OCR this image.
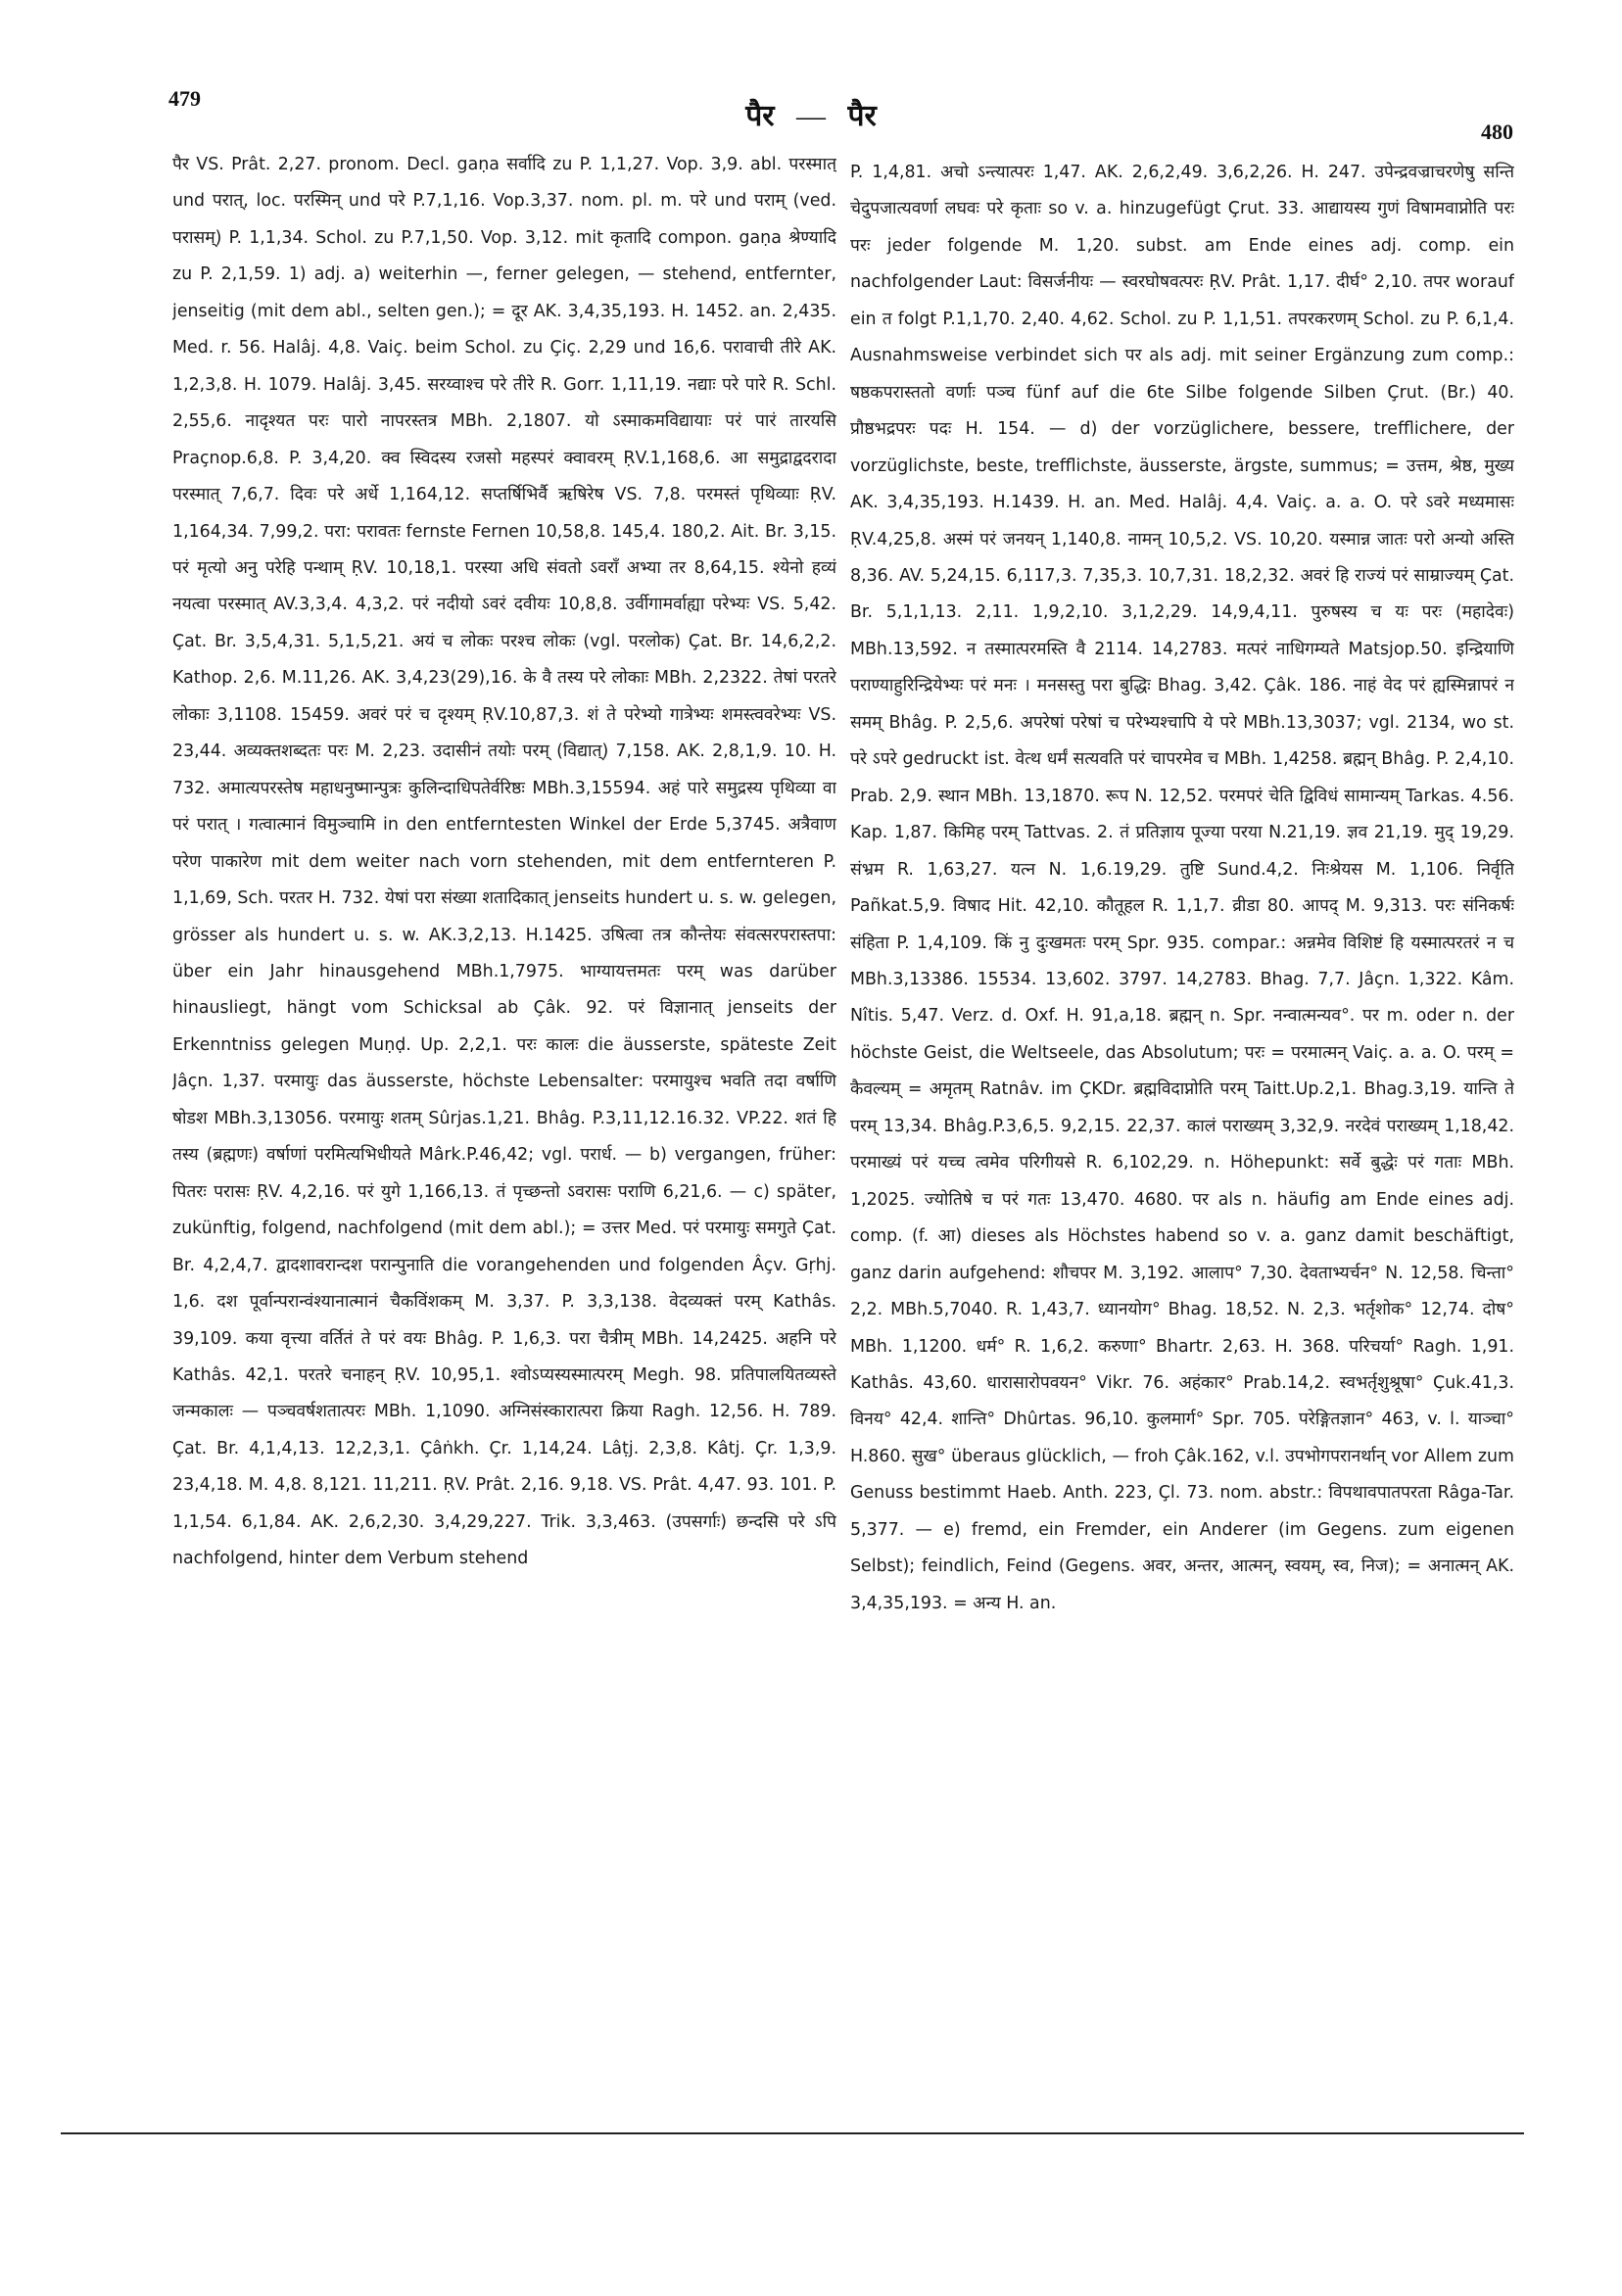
479
पैर — पैर	480

पैर VS. Prât. 2,27. pronom. Decl. gaṇa सर्वादि zu P. 1,1,27. Vop. 3,9. abl. परस्मात् und परात्, loc. परस्मिन् und परे P.7,1,16. Vop.3,37. nom. pl. m. परे und पराम् (ved. परासम्) P. 1,1,34. Schol. zu P.7,1,50. Vop. 3,12. mit कृतादि compon. gaṇa श्रेण्यादि zu P. 2,1,59. 1) adj. a) weiterhin —, ferner gelegen, — stehend, entfernter, jenseitig (mit dem abl., selten gen.); = दूर AK. 3,4,35,193. H. 1452. an. 2,435. Med. r. 56. Halâj. 4,8. Vaiç. beim Schol. zu Çiç. 2,29 und 16,6. परावाची तीरे AK. 1,2,3,8. H. 1079. Halâj. 3,45. सरय्वाश्च परे तीरे R. Gorr. 1,11,19. नद्याः परे पारे R. Schl. 2,55,6. नादृश्यत परः पारो नापरस्तत्र MBh. 2,1807. यो ऽस्माकमविद्यायाः परं पारं तारयसि Praçnop.6,8. P. 3,4,20. क्व स्विदस्य रजसो महस्परं क्वावरम् ṚV.1,168,6. आ समुद्राद्वदरादा परस्मात् 7,6,7. दिवः परे अर्धे 1,164,12. सप्तर्षिभिर्वै ऋषिरेष VS. 7,8. परमस्तं पृथिव्याः ṚV. 1,164,34. 7,99,2. परा: परावतः fernste Fernen 10,58,8. 145,4. 180,2. Ait. Br. 3,15. परं मृत्यो अनु परेहि पन्थाम् ṚV. 10,18,1. परस्या अधि संवतो ऽवराँ अभ्या तर 8,64,15. श्येनो हव्यं नयत्वा परस्मात् AV.3,3,4. 4,3,2. परं नदीयो ऽवरं दवीयः 10,8,8. उर्वीगामर्वाह्या परेभ्यः VS. 5,42. Çat. Br. 3,5,4,31. 5,1,5,21. अयं च लोकः परश्च लोकः (vgl. परलोक) Çat. Br. 14,6,2,2. Kathop. 2,6. M.11,26. AK. 3,4,23(29),16. के वै तस्य परे लोकाः MBh. 2,2322. तेषां परतरे लोकाः 3,1108. 15459. अवरं परं च दृश्यम् ṚV.10,87,3. शं ते परेभ्यो गात्रेभ्यः शमस्त्ववरेभ्यः VS. 23,44. अव्यक्तशब्दतः परः M. 2,23. उदासीनं तयोः परम् (विद्यात्) 7,158. AK. 2,8,1,9. 10. H. 732. अमात्यपरस्तेष महाधनुष्मान्पुत्रः कुलिन्दाधिपतेर्वरिष्ठः MBh.3,15594. अहं पारे समुद्रस्य पृथिव्या वा परं परात् । गत्वात्मानं विमुञ्चामि in den entferntesten Winkel der Erde 5,3745. अत्रैवाण परेण पाकारेण mit dem weiter nach vorn stehenden, mit dem entfernteren P. 1,1,69, Sch. परतर H. 732. येषां परा संख्या शतादिकात् jenseits hundert u. s. w. gelegen, grösser als hundert u. s. w. AK.3,2,13. H.1425. उषित्वा तत्र कौन्तेयः संवत्सरपरास्तपा: über ein Jahr hinausgehend MBh.1,7975. भाग्यायत्तमतः परम् was darüber hinausliegt, hängt vom Schicksal ab Çâk. 92. परं विज्ञानात् jenseits der Erkenntniss gelegen Muṇḍ. Up. 2,2,1. परः कालः die äusserste, späteste Zeit Jâçn. 1,37. परमायुः das äusserste, höchste Lebensalter: परमायुश्च भवति तदा वर्षाणि षोडश MBh.3,13056. परमायुः शतम् Sûrjas.1,21. Bhâg. P.3,11,12.16.32. VP.22. शतं हि तस्य (ब्रह्मणः) वर्षाणां परमित्यभिधीयते Mârk.P.46,42; vgl. परार्ध. — b) vergangen, früher: पितरः परासः ṚV. 4,2,16. परं युगे 1,166,13. तं पृच्छन्तो ऽवरासः पराणि 6,21,6. — c) später, zukünftig, folgend, nachfolgend (mit dem abl.); = उत्तर Med. परं परमायुः समगुते Çat. Br. 4,2,4,7. द्वादशावरान्दश परान्पुनाति die vorangehenden und folgenden Âçv. Gṛhj. 1,6. दश पूर्वान्परान्वंश्यानात्मानं चैकविंशकम् M. 3,37. P. 3,3,138. वेदव्यक्तं परम् Kathâs. 39,109. कया वृत्त्या वर्तितं ते परं वयः Bhâg. P. 1,6,3. परा चैत्रीम् MBh. 14,2425. अहनि परे Kathâs. 42,1. परतरे चनाहन् ṚV. 10,95,1. श्वोऽप्यस्यस्मात्परम् Megh. 98. प्रतिपालयितव्यस्ते जन्मकालः — पञ्चवर्षशतात्परः MBh. 1,1090. अग्निसंस्कारात्परा क्रिया Ragh. 12,56. H. 789. Çat. Br. 4,1,4,13. 12,2,3,1. Çâṅkh. Çr. 1,14,24. Lâṭj. 2,3,8. Kâtj. Çr. 1,3,9. 23,4,18. M. 4,8. 8,121. 11,211. ṚV. Prât. 2,16. 9,18. VS. Prât. 4,47. 93. 101. P. 1,1,54. 6,1,84. AK. 2,6,2,30. 3,4,29,227. Trik. 3,3,463. (उपसर्गाः) छन्दसि परे ऽपि nachfolgend, hinter dem Verbum stehend

P. 1,4,81. अचो ऽन्त्यात्परः 1,47. AK. 2,6,2,49. 3,6,2,26. H. 247. उपेन्द्रवज्राचरणेषु सन्ति चेदुपजात्यवर्णा लघवः परे कृताः so v. a. hinzugefügt Çrut. 33. आद्यायस्य गुणं विषामवाप्नोति परः परः jeder folgende M. 1,20. subst. am Ende eines adj. comp. ein nachfolgender Laut: विसर्जनीयः — स्वरघोषवत्परः ṚV. Prât. 1,17. दीर्घ° 2,10. तपर worauf ein त folgt P.1,1,70. 2,40. 4,62. Schol. zu P. 1,1,51. तपरकरणम् Schol. zu P. 6,1,4. Ausnahmsweise verbindet sich पर als adj. mit seiner Ergänzung zum comp.: षष्ठकपरास्ततो वर्णाः पञ्च fünf auf die 6te Silbe folgende Silben Çrut. (Br.) 40. प्रौष्ठभद्रपरः पदः H. 154. — d) der vorzüglichere, bessere, trefflichere, der vorzüglichste, beste, trefflichste, äusserste, ärgste, summus; = उत्तम, श्रेष्ठ, मुख्य AK. 3,4,35,193. H.1439. H. an. Med. Halâj. 4,4. Vaiç. a. a. O. परे ऽवरे मध्यमासः ṚV.4,25,8. अस्मं परं जनयन् 1,140,8. नामन् 10,5,2. VS. 10,20. यस्मान्न जातः परो अन्यो अस्ति 8,36. AV. 5,24,15. 6,117,3. 7,35,3. 10,7,31. 18,2,32. अवरं हि राज्यं परं साम्राज्यम् Çat. Br. 5,1,1,13. 2,11. 1,9,2,10. 3,1,2,29. 14,9,4,11. पुरुषस्य च यः परः (महादेवः) MBh.13,592. न तस्मात्परमस्ति वै 2114. 14,2783. मत्परं नाधिगम्यते Matsjop.50. इन्द्रियाणि पराण्याहुरिन्द्रियेभ्यः परं मनः । मनसस्तु परा बुद्धिः Bhag. 3,42. Çâk. 186. नाहं वेद परं ह्यस्मिन्नापरं न समम् Bhâg. P. 2,5,6. अपरेषां परेषां च परेभ्यश्चापि ये परे MBh.13,3037; vgl. 2134, wo st. परे ऽपरे gedruckt ist. वेत्थ धर्मं सत्यवति परं चापरमेव च MBh. 1,4258. ब्रह्मन् Bhâg. P. 2,4,10. Prab. 2,9. स्थान MBh. 13,1870. रूप N. 12,52. परमपरं चेति द्विविधं सामान्यम् Tarkas. 4.56. Kap. 1,87. किमिह परम् Tattvas. 2. तं प्रतिज्ञाय पूज्या परया N.21,19. ज्ञव 21,19. मुद् 19,29. संभ्रम R. 1,63,27. यत्न N. 1,6.19,29. तुष्टि Sund.4,2. निःश्रेयस M. 1,106. निर्वृति Pañkat.5,9. विषाद Hit. 42,10. कौतूहल R. 1,1,7. व्रीडा 80. आपद् M. 9,313. परः संनिकर्षः संहिता P. 1,4,109. किं नु दुःखमतः परम् Spr. 935. compar.: अन्नमेव विशिष्टं हि यस्मात्परतरं न च MBh.3,13386. 15534. 13,602. 3797. 14,2783. Bhag. 7,7. Jâçn. 1,322. Kâm. Nîtis. 5,47. Verz. d. Oxf. H. 91,a,18. ब्रह्मन् n. Spr. नन्वात्मन्यव°. पर m. oder n. der höchste Geist, die Weltseele, das Absolutum; परः = परमात्मन् Vaiç. a. a. O. परम् = कैवल्यम् = अमृतम् Ratnâv. im ÇKDr. ब्रह्मविदाप्नोति परम् Taitt.Up.2,1. Bhag.3,19. यान्ति ते परम् 13,34. Bhâg.P.3,6,5. 9,2,15. 22,37. कालं पराख्यम् 3,32,9. नरदेवं पराख्यम् 1,18,42. परमाख्यं परं यच्च त्वमेव परिगीयसे R. 6,102,29. n. Höhepunkt: सर्वे बुद्धेः परं गताः MBh. 1,2025. ज्योतिषे च परं गतः 13,470. 4680. पर als n. häufig am Ende eines adj. comp. (f. आ) dieses als Höchstes habend so v. a. ganz damit beschäftigt, ganz darin aufgehend: शौचपर M. 3,192. आलाप° 7,30. देवताभ्यर्चन° N. 12,58. चिन्ता° 2,2. MBh.5,7040. R. 1,43,7. ध्यानयोग° Bhag. 18,52. N. 2,3. भर्तृशोक° 12,74. दोष° MBh. 1,1200. धर्म° R. 1,6,2. करुणा° Bhartr. 2,63. H. 368. परिचर्या° Ragh. 1,91. Kathâs. 43,60. धारासारोपवयन° Vikr. 76. अहंकार° Prab.14,2. स्वभर्तृशुश्रूषा° Çuk.41,3. विनय° 42,4. शान्ति° Dhûrtas. 96,10. कुलमार्ग° Spr. 705. परेङ्गितज्ञान° 463, v. l. याञ्चा° H.860. सुख° überaus glücklich, — froh Çâk.162, v.l. उपभोगपरानर्थान् vor Allem zum Genuss bestimmt Haeb. Anth. 223, Çl. 73. nom. abstr.: विपथावपातपरता Râga-Tar. 5,377. — e) fremd, ein Fremder, ein Anderer (im Gegens. zum eigenen Selbst); feindlich, Feind (Gegens. अवर, अन्तर, आत्मन्, स्वयम्, स्व, निज); = अनात्मन् AK. 3,4,35,193. = अन्य H. an.
